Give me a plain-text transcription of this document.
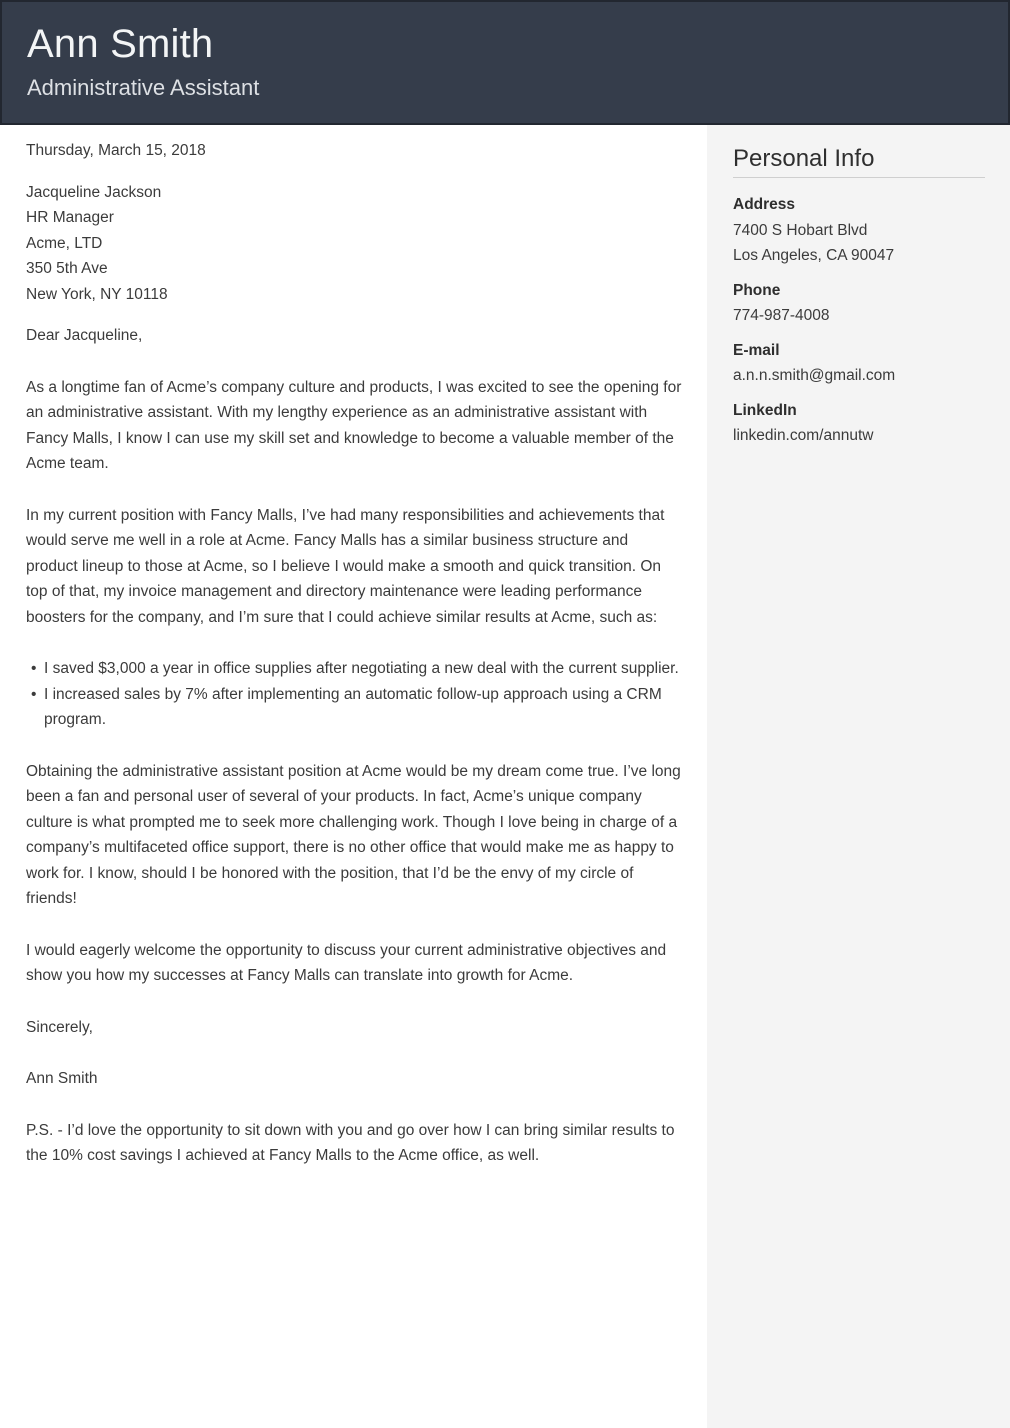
Ann Smith
Administrative Assistant

Thursday, March 15, 2018

Jacqueline Jackson
HR Manager
Acme, LTD
350 5th Ave
New York, NY 10118

Dear Jacqueline,

As a longtime fan of Acme’s company culture and products, I was excited to see the opening for an administrative assistant. With my lengthy experience as an administrative assistant with Fancy Malls, I know I can use my skill set and knowledge to become a valuable member of the Acme team.

In my current position with Fancy Malls, I’ve had many responsibilities and achievements that would serve me well in a role at Acme. Fancy Malls has a similar business structure and product lineup to those at Acme, so I believe I would make a smooth and quick transition. On top of that, my invoice management and directory maintenance were leading performance boosters for the company, and I’m sure that I could achieve similar results at Acme, such as:

• I saved $3,000 a year in office supplies after negotiating a new deal with the current supplier.
• I increased sales by 7% after implementing an automatic follow-up approach using a CRM program.

Obtaining the administrative assistant position at Acme would be my dream come true. I’ve long been a fan and personal user of several of your products. In fact, Acme’s unique company culture is what prompted me to seek more challenging work. Though I love being in charge of a company’s multifaceted office support, there is no other office that would make me as happy to work for. I know, should I be honored with the position, that I’d be the envy of my circle of friends!

I would eagerly welcome the opportunity to discuss your current administrative objectives and show you how my successes at Fancy Malls can translate into growth for Acme.

Sincerely,

Ann Smith

P.S. - I’d love the opportunity to sit down with you and go over how I can bring similar results to the 10% cost savings I achieved at Fancy Malls to the Acme office, as well.

Personal Info
Address
7400 S Hobart Blvd
Los Angeles, CA 90047
Phone
774-987-4008
E-mail
a.n.n.smith@gmail.com
LinkedIn
linkedin.com/annutw
